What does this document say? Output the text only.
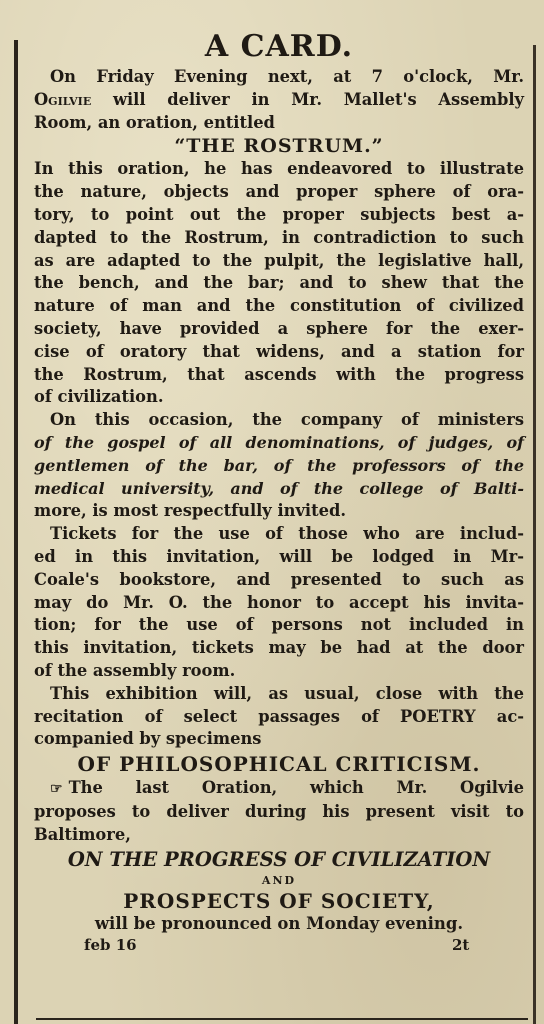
A CARD.
On Friday Evening next, at 7 o'clock, Mr.
Ogilvie will deliver in Mr. Mallet's Assembly
Room, an oration, entitled
“THE ROSTRUM.”
In this oration, he has endeavored to illustrate
the nature, objects and proper sphere of ora-
tory, to point out the proper subjects best a-
dapted to the Rostrum, in contradiction to such
as are adapted to the pulpit, the legislative hall,
the bench, and the bar; and to shew that the
nature of man and the constitution of civilized
society, have provided a sphere for the exer-
cise of oratory that widens, and a station for
the Rostrum, that ascends with the progress
of civilization.
On this occasion, the company of ministers
of the gospel of all denominations, of judges, of
gentlemen of the bar, of the professors of the
medical university, and of the college of Balti-
more, is most respectfully invited.
Tickets for the use of those who are includ-
ed in this invitation, will be lodged in Mr-
Coale's bookstore, and presented to such as
may do Mr. O. the honor to accept his invita-
tion; for the use of persons not included in
this invitation, tickets may be had at the door
of the assembly room.
This exhibition will, as usual, close with the
recitation of select passages of POETRY ac-
companied by specimens
OF PHILOSOPHICAL CRITICISM.
☞ The last Oration, which Mr. Ogilvie
proposes to deliver during his present visit to
Baltimore,
ON THE PROGRESS OF CIVILIZATION
AND
PROSPECTS OF SOCIETY,
will be pronounced on Monday evening.
feb 16	2t
